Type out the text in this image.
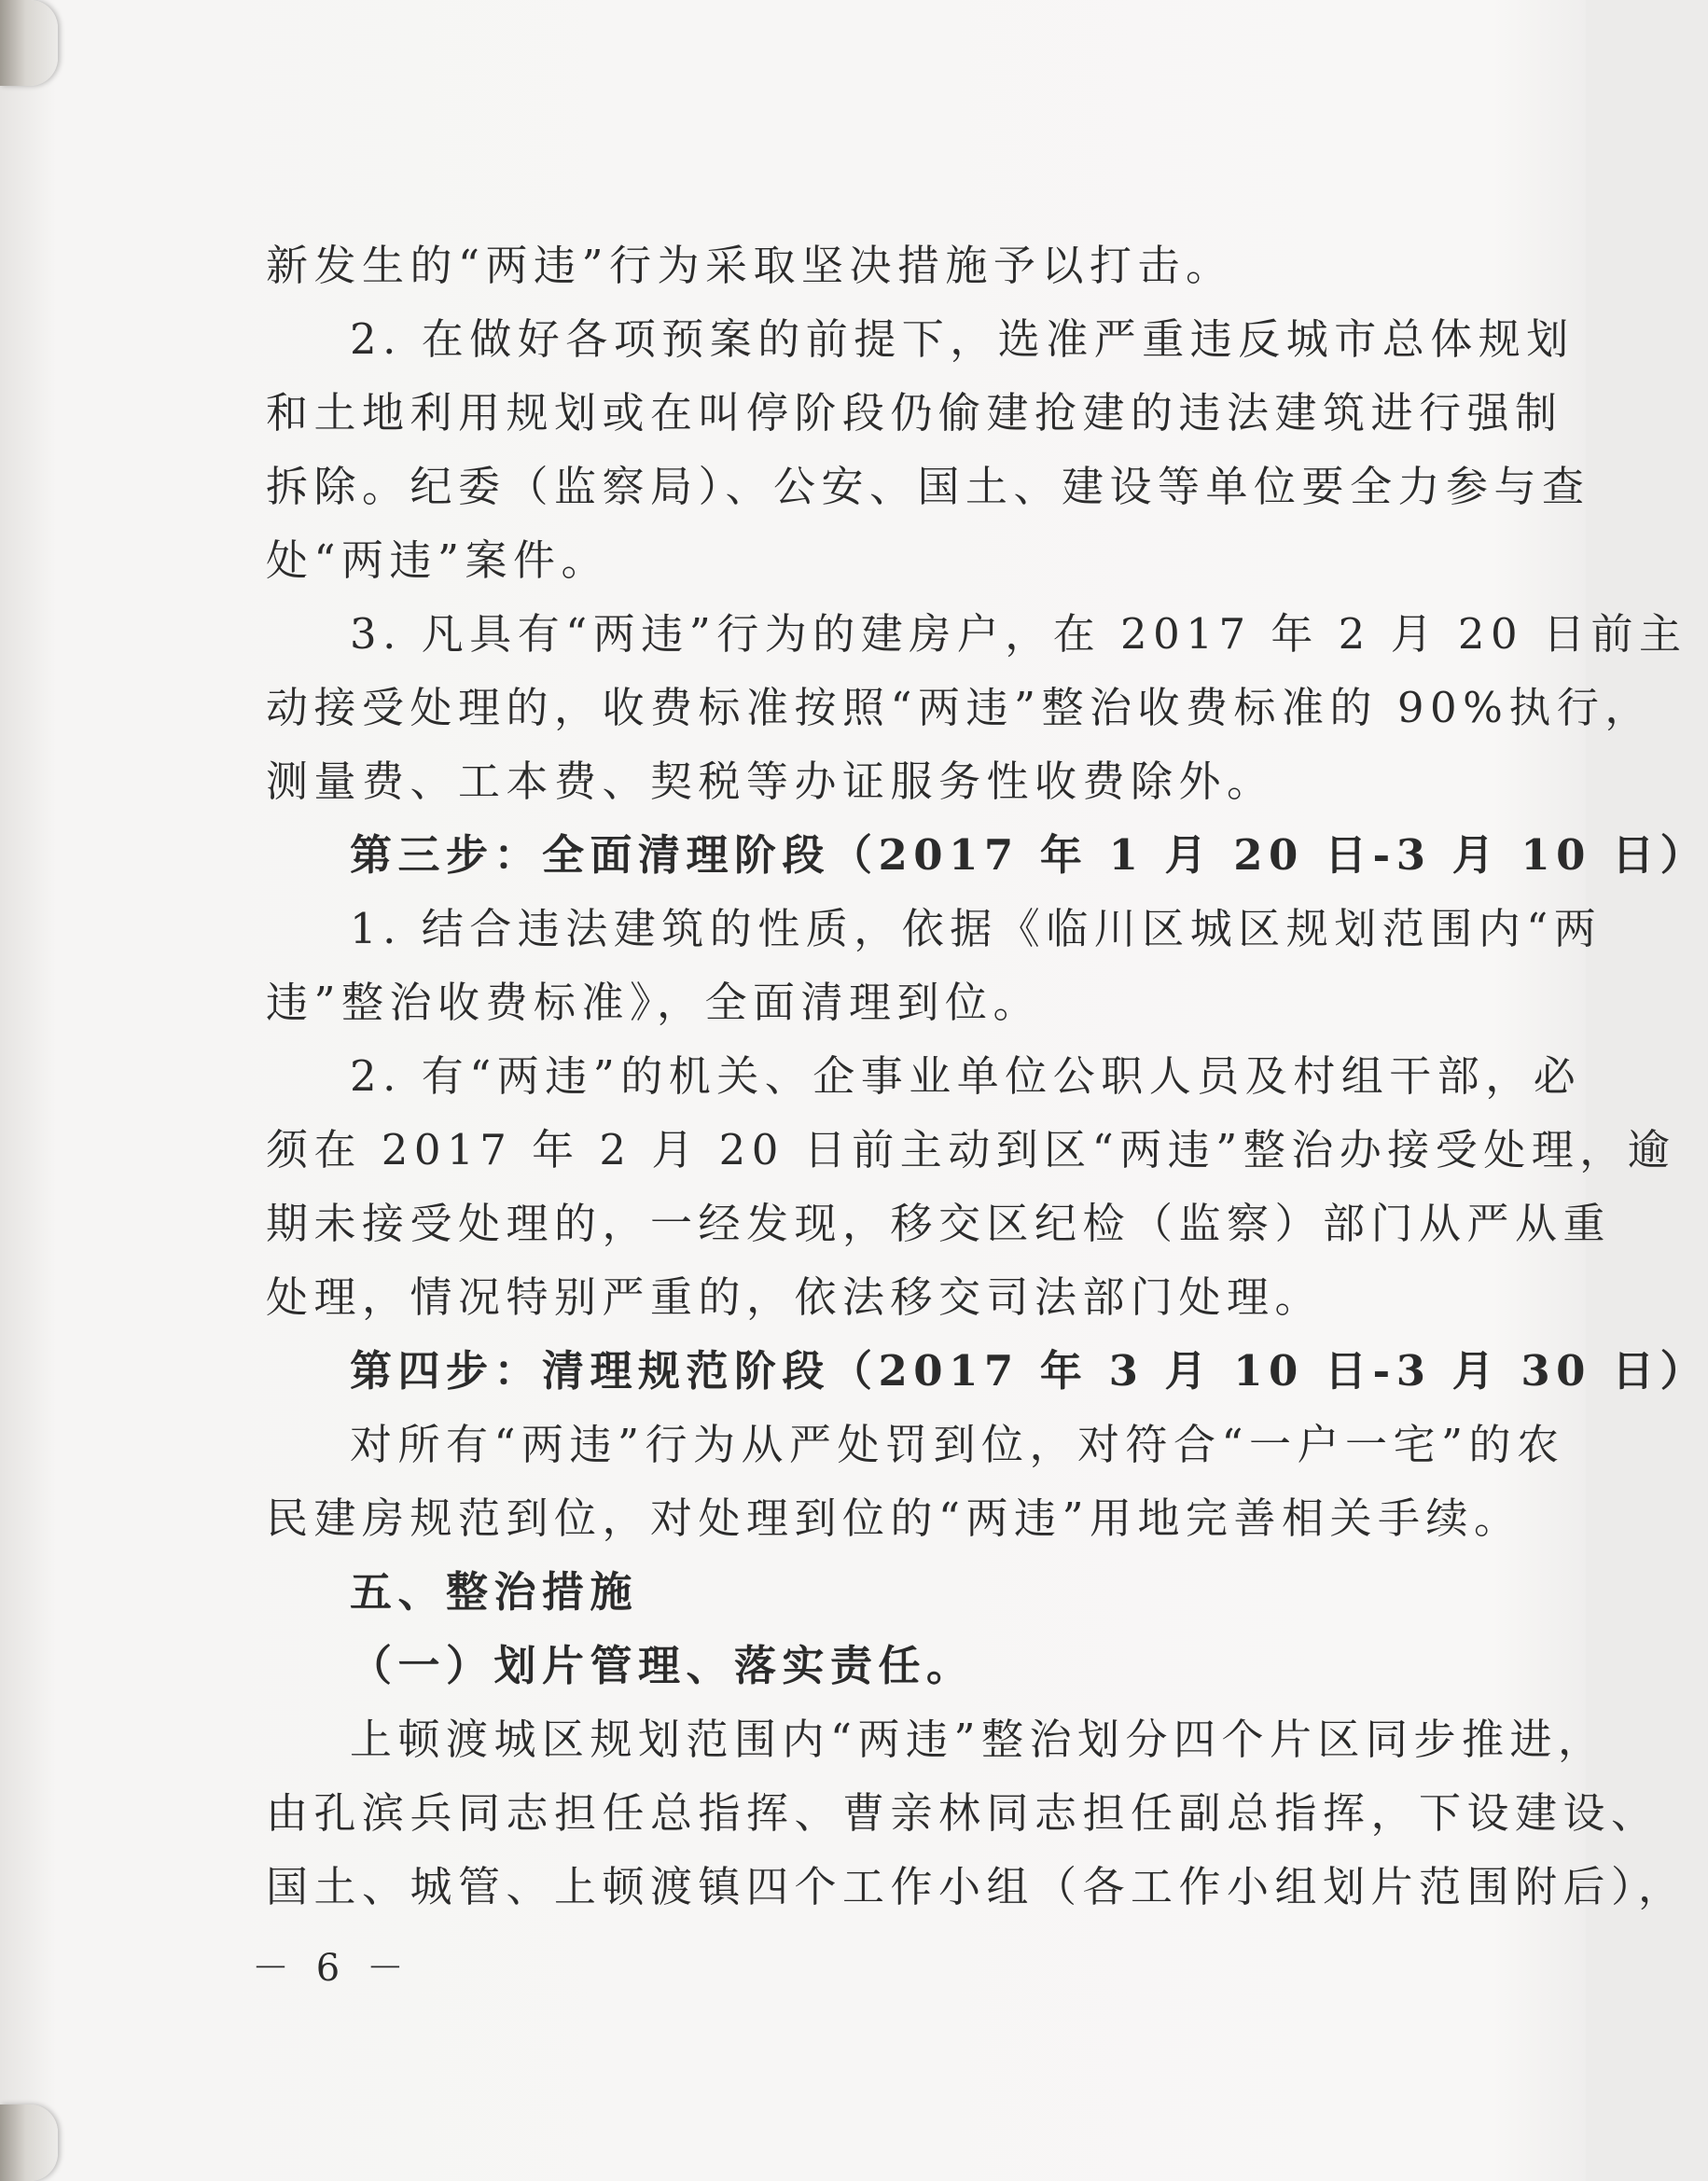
新发生的“两违”行为采取坚决措施予以打击。
2. 在做好各项预案的前提下，选准严重违反城市总体规划
和土地利用规划或在叫停阶段仍偷建抢建的违法建筑进行强制
拆除。纪委（监察局）、公安、国土、建设等单位要全力参与查
处“两违”案件。
3. 凡具有“两违”行为的建房户，在 2017 年 2 月 20 日前主
动接受处理的，收费标准按照“两违”整治收费标准的 90%执行，
测量费、工本费、契税等办证服务性收费除外。
第三步：全面清理阶段（2017 年 1 月 20 日-3 月 10 日）
1. 结合违法建筑的性质，依据《临川区城区规划范围内“两
违”整治收费标准》，全面清理到位。
2. 有“两违”的机关、企事业单位公职人员及村组干部，必
须在 2017 年 2 月 20 日前主动到区“两违”整治办接受处理，逾
期未接受处理的，一经发现，移交区纪检（监察）部门从严从重
处理，情况特别严重的，依法移交司法部门处理。
第四步：清理规范阶段（2017 年 3 月 10 日-3 月 30 日）
对所有“两违”行为从严处罚到位，对符合“一户一宅”的农
民建房规范到位，对处理到位的“两违”用地完善相关手续。
五、整治措施
（一）划片管理、落实责任。
上顿渡城区规划范围内“两违”整治划分四个片区同步推进，
由孔滨兵同志担任总指挥、曹亲林同志担任副总指挥，下设建设、
国土、城管、上顿渡镇四个工作小组（各工作小组划片范围附后），
－ 6 －
